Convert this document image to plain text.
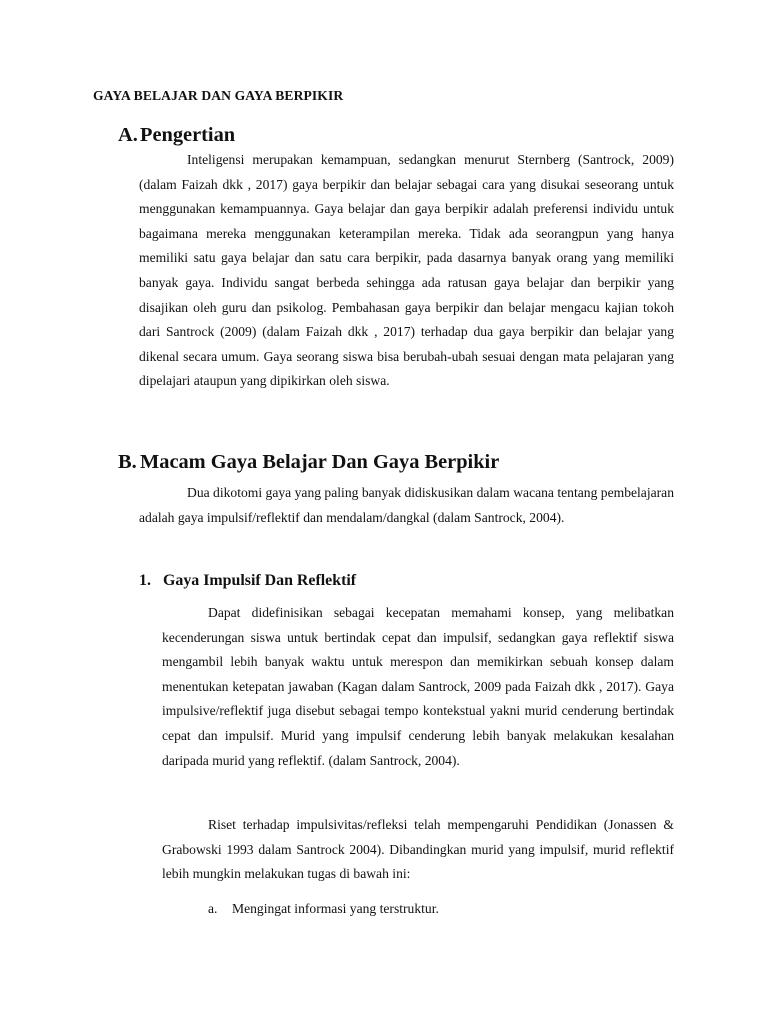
GAYA BELAJAR DAN GAYA BERPIKIR
A. Pengertian

Inteligensi merupakan kemampuan, sedangkan menurut Sternberg (Santrock, 2009) (dalam Faizah dkk , 2017) gaya berpikir dan belajar sebagai cara yang disukai seseorang untuk menggunakan kemampuannya. Gaya belajar dan gaya berpikir adalah preferensi individu untuk bagaimana mereka menggunakan keterampilan mereka. Tidak ada seorangpun yang hanya memiliki satu gaya belajar dan satu cara berpikir, pada dasarnya banyak orang yang memiliki banyak gaya. Individu sangat berbeda sehingga ada ratusan gaya belajar dan berpikir yang disajikan oleh guru dan psikolog. Pembahasan gaya berpikir dan belajar mengacu kajian tokoh dari Santrock (2009) (dalam Faizah dkk , 2017) terhadap dua gaya berpikir dan belajar yang dikenal secara umum. Gaya seorang siswa bisa berubah-ubah sesuai dengan mata pelajaran yang dipelajari ataupun yang dipikirkan oleh siswa.

B. Macam Gaya Belajar Dan Gaya Berpikir

Dua dikotomi gaya yang paling banyak didiskusikan dalam wacana tentang pembelajaran adalah gaya impulsif/reflektif dan mendalam/dangkal (dalam Santrock, 2004).

1. Gaya Impulsif Dan Reflektif

Dapat didefinisikan sebagai kecepatan memahami konsep, yang melibatkan kecenderungan siswa untuk bertindak cepat dan impulsif, sedangkan gaya reflektif siswa mengambil lebih banyak waktu untuk merespon dan memikirkan sebuah konsep dalam menentukan ketepatan jawaban (Kagan dalam Santrock, 2009 pada Faizah dkk , 2017). Gaya impulsive/reflektif juga disebut sebagai tempo kontekstual yakni murid cenderung bertindak cepat dan impulsif. Murid yang impulsif cenderung lebih banyak melakukan kesalahan daripada murid yang reflektif. (dalam Santrock, 2004).

Riset terhadap impulsivitas/refleksi telah mempengaruhi Pendidikan (Jonassen & Grabowski 1993 dalam Santrock 2004). Dibandingkan murid yang impulsif, murid reflektif lebih mungkin melakukan tugas di bawah ini:

a. Mengingat informasi yang terstruktur.
